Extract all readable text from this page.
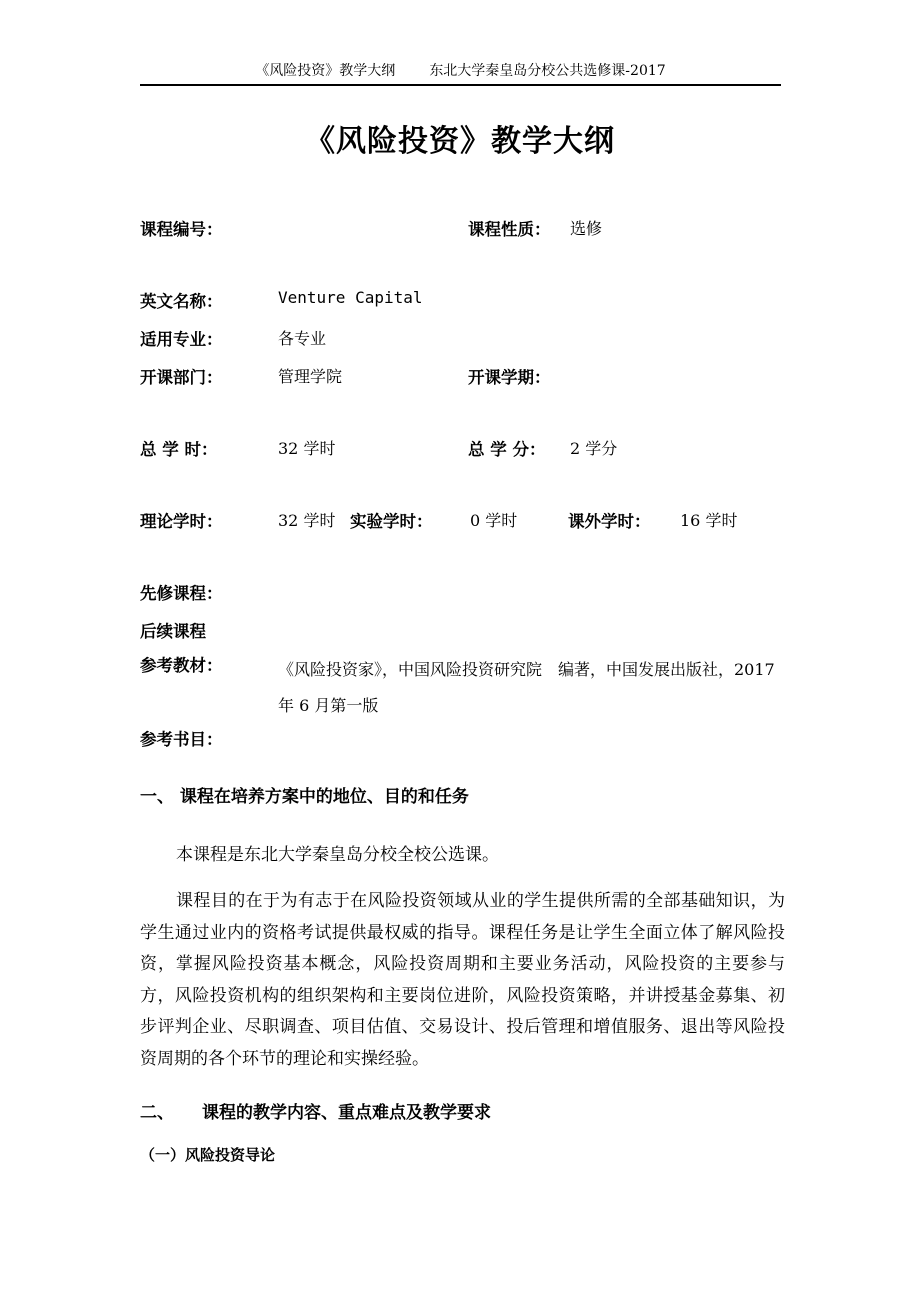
《风险投资》教学大纲 东北大学秦皇岛分校公共选修课-2017
《风险投资》教学大纲
课程编号：	课程性质： 选修
英文名称：	Venture Capital
适用专业：	各专业
开课部门：	管理学院	开课学期：
总 学 时：	32 学时	总 学 分： 2 学分
理论学时：	32 学时 实验学时： 0 学时	课外学时： 16 学时
先修课程：
后续课程
参考教材：	《风险投资家》，中国风险投资研究院　编著，中国发展出版社，2017
年 6 月第一版
参考书目：
一、 课程在培养方案中的地位、目的和任务
本课程是东北大学秦皇岛分校全校公选课。
课程目的在于为有志于在风险投资领域从业的学生提供所需的全部基础知识，为学生通过业内的资格考试提供最权威的指导。课程任务是让学生全面立体了解风险投资，掌握风险投资基本概念，风险投资周期和主要业务活动，风险投资的主要参与方，风险投资机构的组织架构和主要岗位进阶，风险投资策略，并讲授基金募集、初步评判企业、尽职调查、项目估值、交易设计、投后管理和增值服务、退出等风险投资周期的各个环节的理论和实操经验。
二、 课程的教学内容、重点难点及教学要求
（一）风险投资导论
